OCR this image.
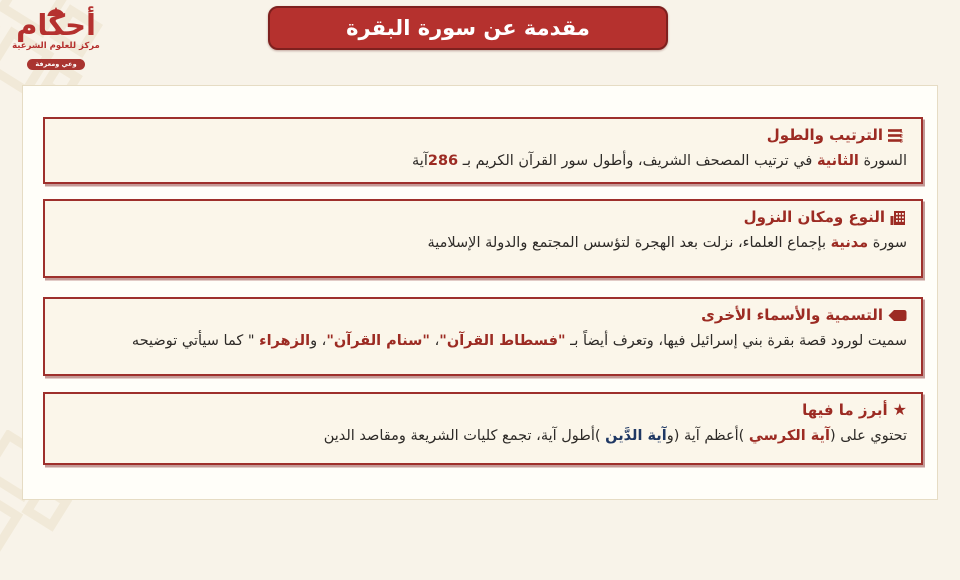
مقدمة عن سورة البقرة
أحكام
مركز للعلوم الشرعية
وعي ومعرفة
1
2
3
الترتيب والطول
السورة الثانية في ترتيب المصحف الشريف، وأطول سور القرآن الكريم بـ 286آية
النوع ومكان النزول
سورة مدنية بإجماع العلماء، نزلت بعد الهجرة لتؤسس المجتمع والدولة الإسلامية
التسمية والأسماء الأخرى
سميت لورود قصة بقرة بني إسرائيل فيها، وتعرف أيضاً بـ "فسطاط القرآن"، "سنام القرآن"، والزهراء " كما سيأتي توضيحه
★
أبرز ما فيها
تحتوي على (آية الكرسي )أعظم آية (وآية الدَّين )أطول آية، تجمع كليات الشريعة ومقاصد الدين
